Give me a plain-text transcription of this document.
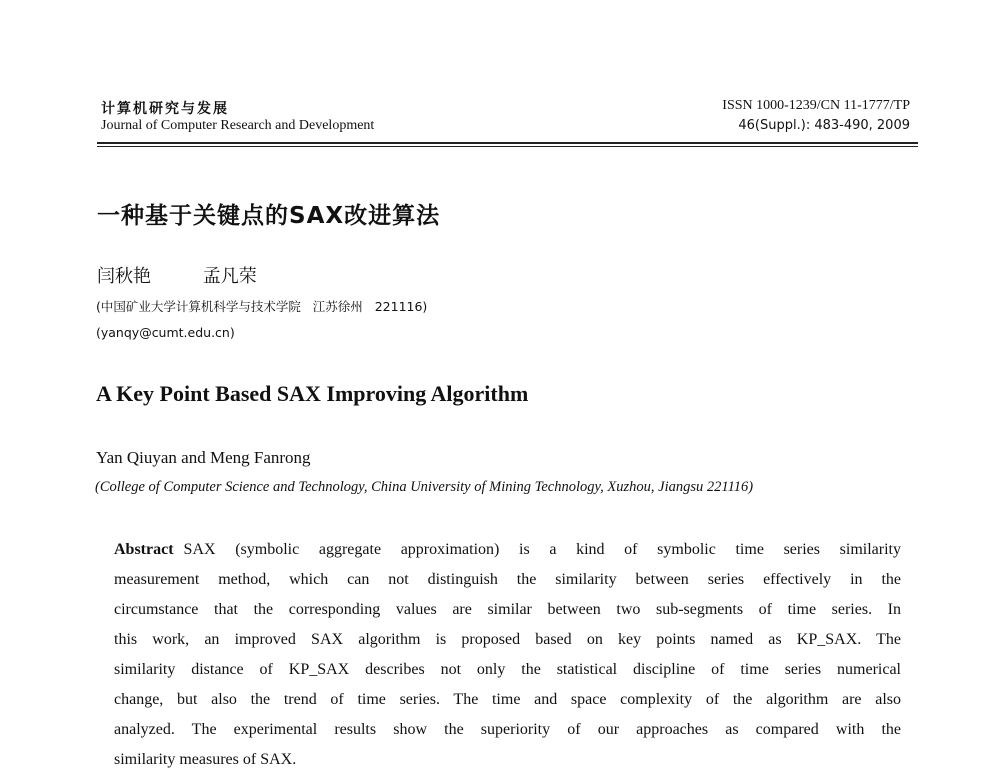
计算机研究与发展	ISSN 1000-1239/CN 11-1777/TP
Journal of Computer Research and Development	46(Suppl.): 483-490, 2009
一种基于关键点的SAX改进算法
闫秋艳	孟凡荣
(中国矿业大学计算机科学与技术学院   江苏徐州   221116)
(yanqy@cumt.edu.cn)
A Key Point Based SAX Improving Algorithm
Yan Qiuyan and Meng Fanrong
(College of Computer Science and Technology, China University of Mining Technology, Xuzhou, Jiangsu 221116)
Abstract SAX (symbolic aggregate approximation) is a kind of symbolic time series similarity
measurement method, which can not distinguish the similarity between series effectively in the
circumstance that the corresponding values are similar between two sub-segments of time series. In
this work, an improved SAX algorithm is proposed based on key points named as KP_SAX. The
similarity distance of KP_SAX describes not only the statistical discipline of time series numerical
change, but also the trend of time series. The time and space complexity of the algorithm are also
analyzed. The experimental results show the superiority of our approaches as compared with the
similarity measures of SAX.
